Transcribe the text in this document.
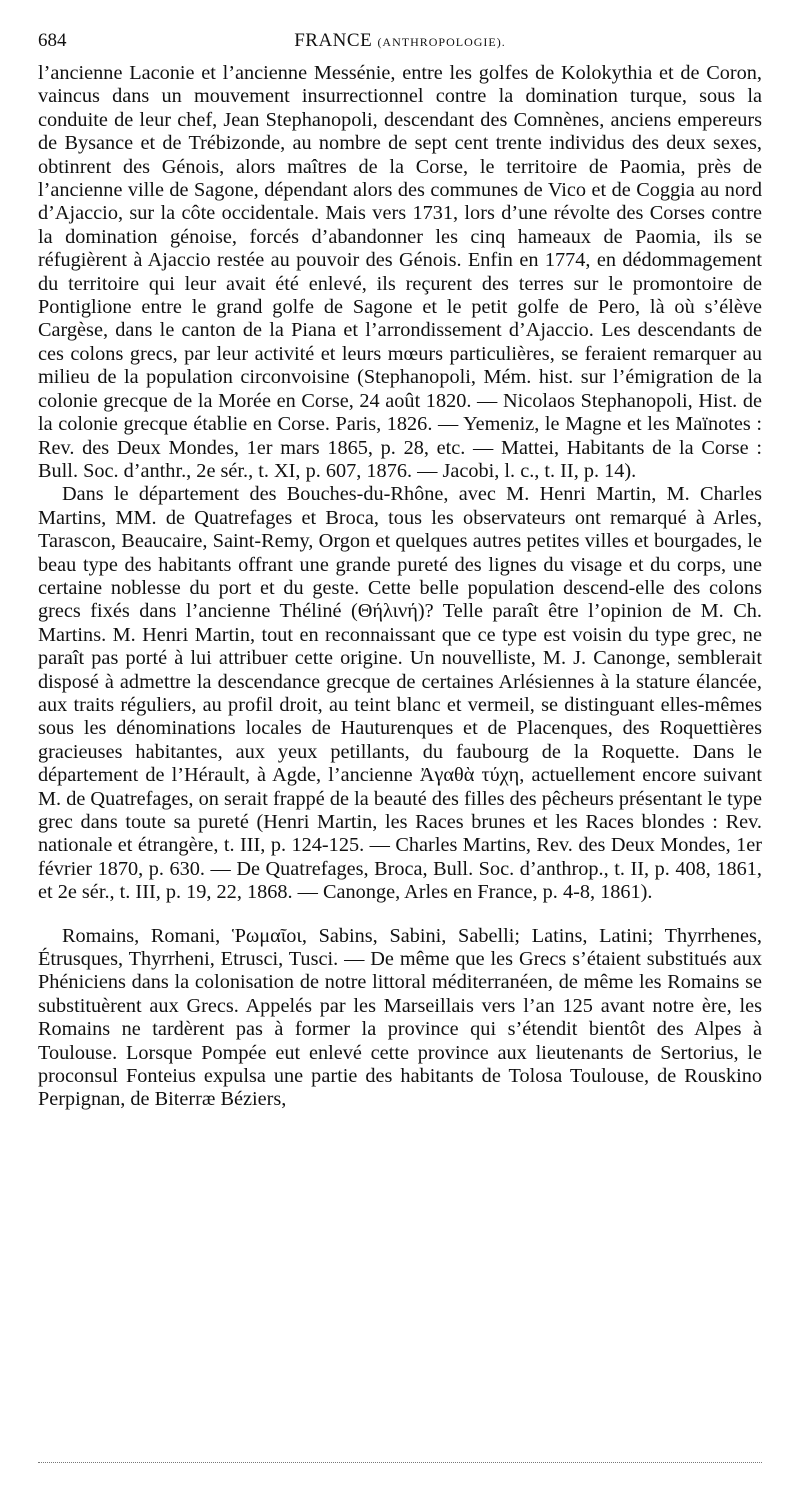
684	FRANCE (ANTHROPOLOGIE).

l’ancienne Laconie et l’ancienne Messénie, entre les golfes de Kolokythia et de Coron, vaincus dans un mouvement insurrectionnel contre la domination turque, sous la conduite de leur chef, Jean Stephanopoli, descendant des Comnènes, anciens empereurs de Bysance et de Trébizonde, au nombre de sept cent trente individus des deux sexes, obtinrent des Génois, alors maîtres de la Corse, le territoire de Paomia, près de l’ancienne ville de Sagone, dépendant alors des communes de Vico et de Coggia au nord d’Ajaccio, sur la côte occidentale. Mais vers 1731, lors d’une révolte des Corses contre la domination génoise, forcés d’abandonner les cinq hameaux de Paomia, ils se réfugièrent à Ajaccio restée au pouvoir des Génois. Enfin en 1774, en dédommagement du territoire qui leur avait été enlevé, ils reçurent des terres sur le promontoire de Pontiglione entre le grand golfe de Sagone et le petit golfe de Pero, là où s’élève Cargèse, dans le canton de la Piana et l’arrondissement d’Ajaccio. Les descendants de ces colons grecs, par leur activité et leurs mœurs particulières, se feraient remarquer au milieu de la population circonvoisine (Stephanopoli, Mém. hist. sur l’émigration de la colonie grecque de la Morée en Corse, 24 août 1820. — Nicolaos Stephanopoli, Hist. de la colonie grecque établie en Corse. Paris, 1826. — Yemeniz, le Magne et les Maïnotes : Rev. des Deux Mondes, 1er mars 1865, p. 28, etc. — Mattei, Habitants de la Corse : Bull. Soc. d’anthr., 2e sér., t. XI, p. 607, 1876. — Jacobi, l. c., t. II, p. 14).

Dans le département des Bouches-du-Rhône, avec M. Henri Martin, M. Charles Martins, MM. de Quatrefages et Broca, tous les observateurs ont remarqué à Arles, Tarascon, Beaucaire, Saint-Remy, Orgon et quelques autres petites villes et bourgades, le beau type des habitants offrant une grande pureté des lignes du visage et du corps, une certaine noblesse du port et du geste. Cette belle population descend-elle des colons grecs fixés dans l’ancienne Théliné (Θήλινή)? Telle paraît être l’opinion de M. Ch. Martins. M. Henri Martin, tout en reconnaissant que ce type est voisin du type grec, ne paraît pas porté à lui attribuer cette origine. Un nouvelliste, M. J. Canonge, semblerait disposé à admettre la descendance grecque de certaines Arlésiennes à la stature élancée, aux traits réguliers, au profil droit, au teint blanc et vermeil, se distinguant elles-mêmes sous les dénominations locales de Hauturenques et de Placenques, des Roquettières gracieuses habitantes, aux yeux petillants, du faubourg de la Roquette. Dans le département de l’Hérault, à Agde, l’ancienne Ἀγαθὰ τύχη, actuellement encore suivant M. de Quatrefages, on serait frappé de la beauté des filles des pêcheurs présentant le type grec dans toute sa pureté (Henri Martin, les Races brunes et les Races blondes : Rev. nationale et étrangère, t. III, p. 124-125. — Charles Martins, Rev. des Deux Mondes, 1er février 1870, p. 630. — De Quatrefages, Broca, Bull. Soc. d’anthrop., t. II, p. 408, 1861, et 2e sér., t. III, p. 19, 22, 1868. — Canonge, Arles en France, p. 4-8, 1861).

Romains, Romani, Ῥωμαῖοι, Sabins, Sabini, Sabelli; Latins, Latini; Thyrrhenes, Étrusques, Thyrrheni, Etrusci, Tusci. — De même que les Grecs s’étaient substitués aux Phéniciens dans la colonisation de notre littoral méditerranéen, de même les Romains se substituèrent aux Grecs. Appelés par les Marseillais vers l’an 125 avant notre ère, les Romains ne tardèrent pas à former la province qui s’étendit bientôt des Alpes à Toulouse. Lorsque Pompée eut enlevé cette province aux lieutenants de Sertorius, le proconsul Fonteius expulsa une partie des habitants de Tolosa Toulouse, de Rouskino Perpignan, de Biterræ Béziers,
